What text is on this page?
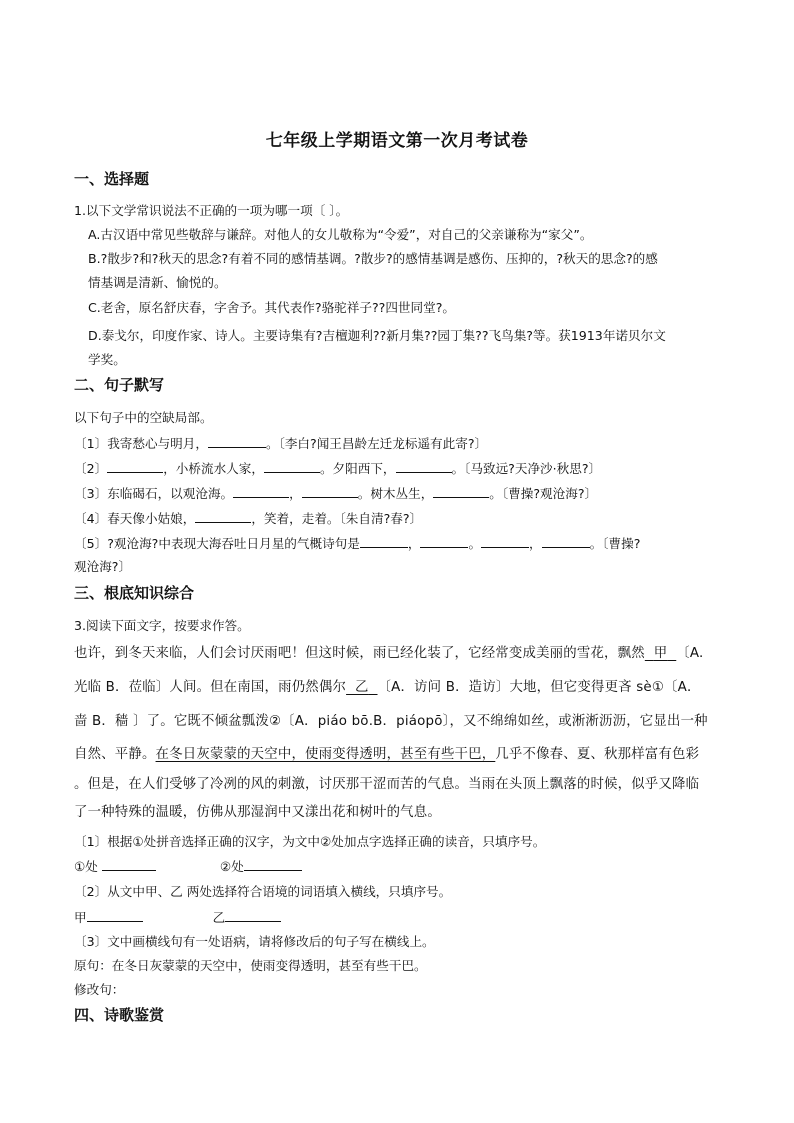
七年级上学期语文第一次月考试卷
一、选择题
1.以下文学常识说法不正确的一项为哪一项〔 〕。
A.古汉语中常见些敬辞与谦辞。对他人的女儿敬称为“令爱”，对自己的父亲谦称为“家父”。
B.?散步?和?秋天的思念?有着不同的感情基调。?散步?的感情基调是感伤、压抑的，?秋天的思念?的感
情基调是清新、愉悦的。
C.老舍，原名舒庆春，字舍予。其代表作?骆驼祥子??四世同堂?。
D.泰戈尔，印度作家、诗人。主要诗集有?吉檀迦利??新月集??园丁集??飞鸟集?等。获1913年诺贝尔文
学奖。
二、句子默写
以下句子中的空缺局部。
〔1〕我寄愁心与明月，	。〔李白?闻王昌龄左迁龙标遥有此寄?〕
〔2〕	，小桥流水人家，	。夕阳西下，	。〔马致远?天净沙·秋思?〕
〔3〕东临碣石，以观沧海。	，	。树木丛生，	。〔曹操?观沧海?〕
〔4〕春天像小姑娘，	，笑着，走着。〔朱自清?春?〕
〔5〕?观沧海?中表现大海吞吐日月星的气概诗句是	，	。	，	。〔曹操?
观沧海?〕
三、根底知识综合
3.阅读下面文字，按要求作答。
也许，到冬天来临，人们会讨厌雨吧！但这时候，雨已经化装了，它经常变成美丽的雪花，飘然 甲 〔A.
光临 B．莅临〕人间。但在南国，雨仍然偶尔 乙 〔A．访问 B．造访〕大地，但它变得更吝 sè①〔A．
啬 B．穑 〕了。它既不倾盆瓢泼②〔A．piáo bō.B．piáopō〕，又不绵绵如丝，或淅淅沥沥，它显出一种
自然、平静。在冬日灰蒙蒙的天空中，使雨变得透明，甚至有些干巴，几乎不像春、夏、秋那样富有色彩
。但是，在人们受够了冷冽的风的刺激，讨厌那干涩而苦的气息。当雨在头顶上飘落的时候，似乎又降临
了一种特殊的温暖，仿佛从那湿润中又漾出花和树叶的气息。
〔1〕根据①处拼音选择正确的汉字，为文中②处加点字选择正确的读音，只填序号。
①处	②处
〔2〕从文中甲、乙 两处选择符合语境的词语填入横线，只填序号。
甲	乙
〔3〕文中画横线句有一处语病，请将修改后的句子写在横线上。
原句：在冬日灰蒙蒙的天空中，使雨变得透明，甚至有些干巴。
修改句：
四、诗歌鉴赏
